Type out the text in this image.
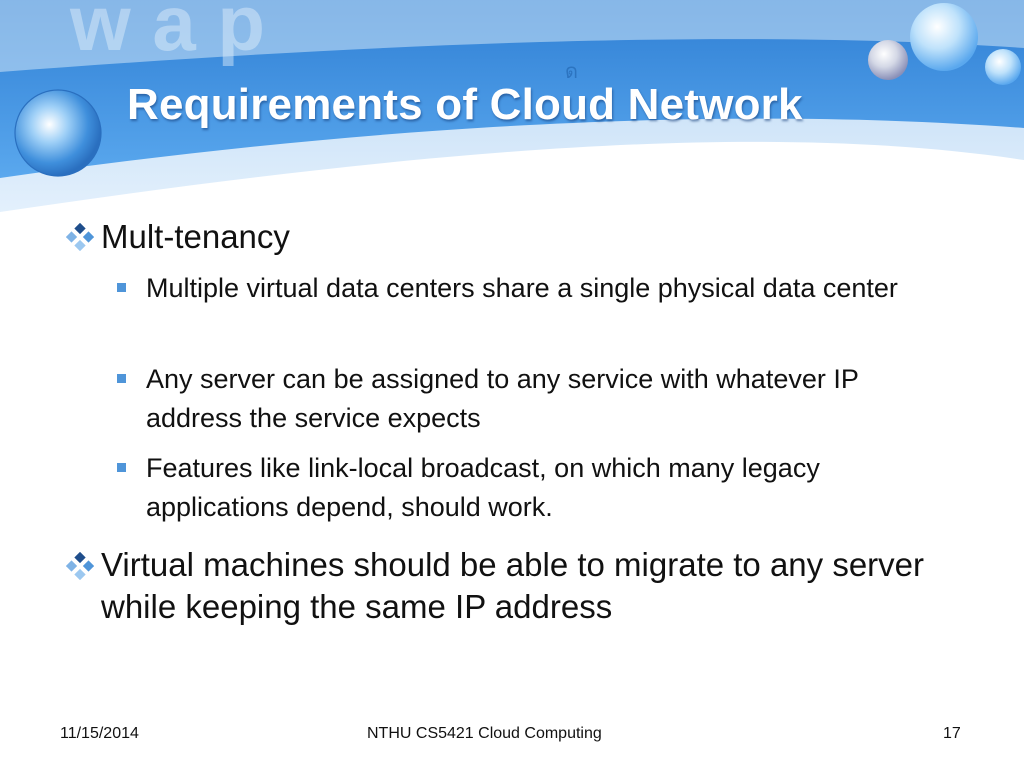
w a p
ด
Requirements of Cloud Network
Mult-tenancy
Multiple virtual data centers share a single physical data center
Any server can be assigned to any service with whatever IP address the service expects
Features like link-local broadcast, on which many legacy applications depend, should work.
Virtual machines should be able to migrate to any server while keeping the same IP address
11/15/2014	NTHU CS5421 Cloud Computing	17
